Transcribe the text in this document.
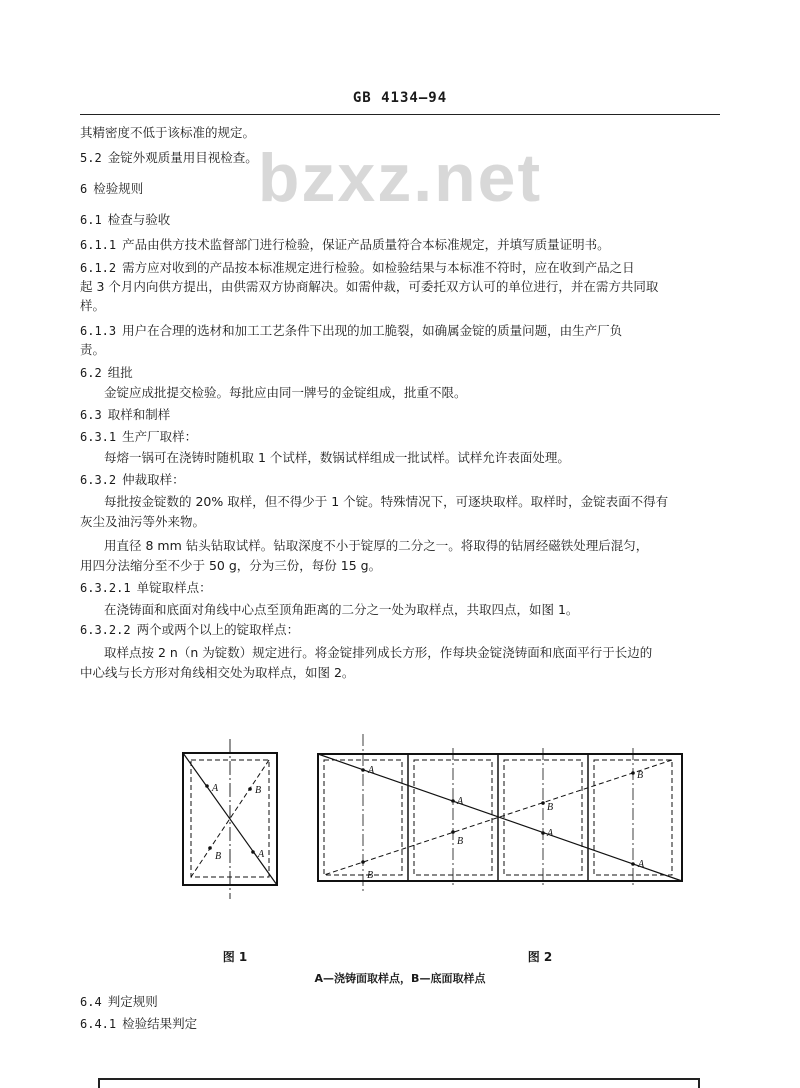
GB 4134—94
bzxz.net
其精密度不低于该标准的规定。
5.2 金锭外观质量用目视检查。
6 检验规则
6.1 检查与验收
6.1.1 产品由供方技术监督部门进行检验，保证产品质量符合本标准规定，并填写质量证明书。
6.1.2 需方应对收到的产品按本标准规定进行检验。如检验结果与本标准不符时，应在收到产品之日
起 3 个月内向供方提出，由供需双方协商解决。如需仲裁，可委托双方认可的单位进行，并在需方共同取
样。
6.1.3 用户在合理的选材和加工工艺条件下出现的加工脆裂，如确属金锭的质量问题，由生产厂负
责。
6.2 组批
金锭应成批提交检验。每批应由同一牌号的金锭组成，批重不限。
6.3 取样和制样
6.3.1 生产厂取样：
每熔一锅可在浇铸时随机取 1 个试样，数锅试样组成一批试样。试样允许表面处理。
6.3.2 仲裁取样：
每批按金锭数的 20% 取样，但不得少于 1 个锭。特殊情况下，可逐块取样。取样时，金锭表面不得有
灰尘及油污等外来物。
用直径 8 mm 钻头钻取试样。钻取深度不小于锭厚的二分之一。将取得的钻屑经磁铁处理后混匀，
用四分法缩分至不少于 50 g，分为三份，每份 15 g。
6.3.2.1 单锭取样点：
在浇铸面和底面对角线中心点至顶角距离的二分之一处为取样点，共取四点，如图 1。
6.3.2.2 两个或两个以上的锭取样点：
取样点按 2 n（n 为锭数）规定进行。将金锭排列成长方形，作每块金锭浇铸面和底面平行于长边的
中心线与长方形对角线相交处为取样点，如图 2。
A
A
B
B
A
A
A
A
B
B
B
B
图 1	图 2
A—浇铸面取样点，B—底面取样点
6.4 判定规则
6.4.1 检验结果判定
